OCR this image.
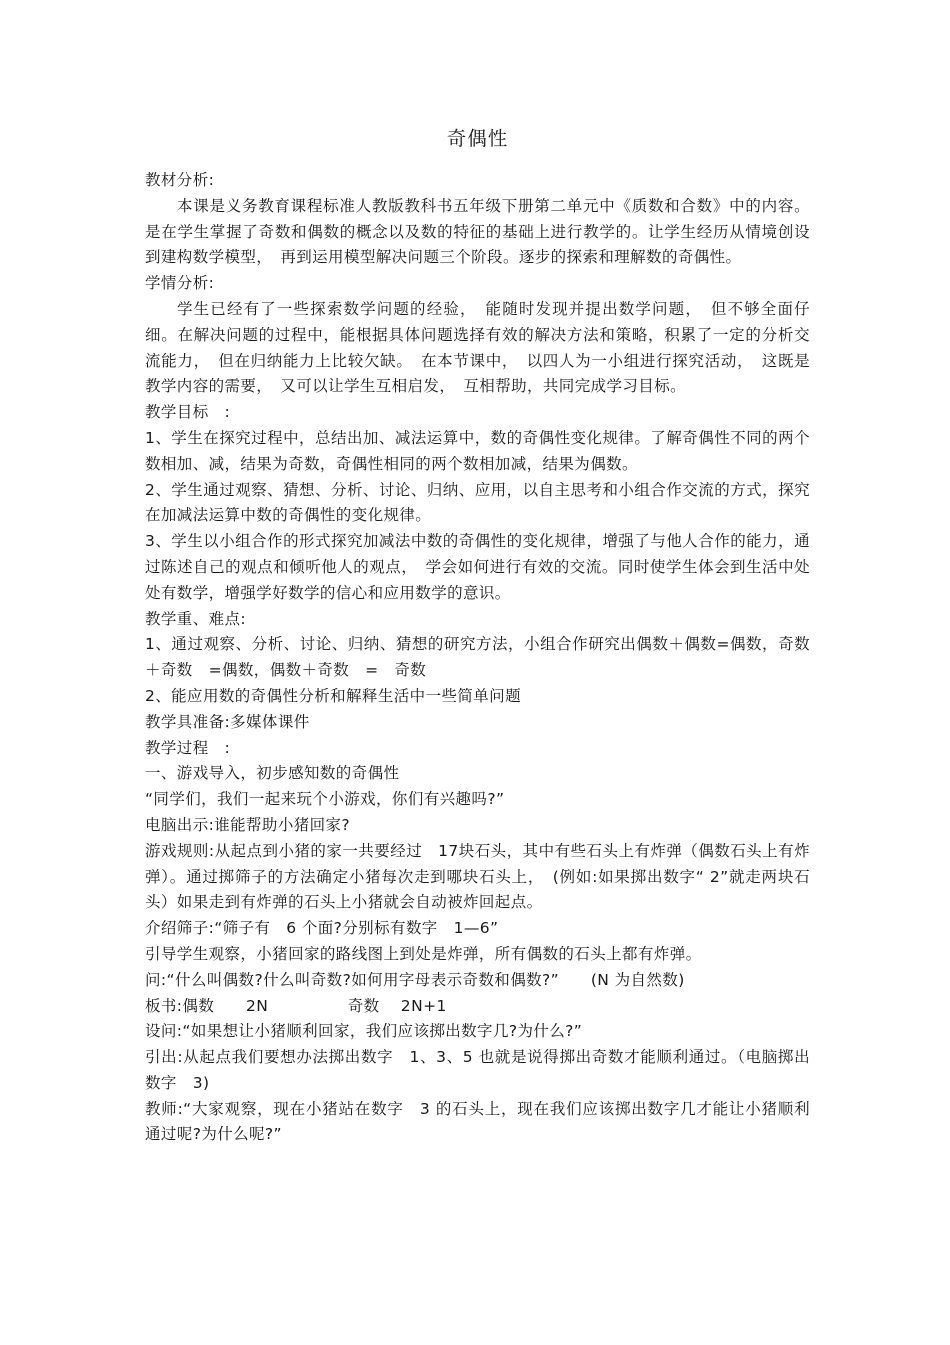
奇偶性

教材分析:

本课是义务教育课程标准人教版教科书五年级下册第二单元中《质数和合数》中的内容。是在学生掌握了奇数和偶数的概念以及数的特征的基础上进行教学的。让学生经历从情境创设到建构数学模型，　再到运用模型解决问题三个阶段。逐步的探索和理解数的奇偶性。

学情分析:

学生已经有了一些探索数学问题的经验，　能随时发现并提出数学问题，　但不够全面仔细。在解决问题的过程中，能根据具体问题选择有效的解决方法和策略，积累了一定的分析交流能力，　但在归纳能力上比较欠缺。　在本节课中，　以四人为一小组进行探究活动，　这既是教学内容的需要，　又可以让学生互相启发，　互相帮助，共同完成学习目标。

教学目标　:

1、学生在探究过程中，总结出加、减法运算中，数的奇偶性变化规律。了解奇偶性不同的两个数相加、减，结果为奇数，奇偶性相同的两个数相加减，结果为偶数。

2、学生通过观察、猜想、分析、讨论、归纳、应用，以自主思考和小组合作交流的方式，探究在加减法运算中数的奇偶性的变化规律。

3、学生以小组合作的形式探究加减法中数的奇偶性的变化规律，增强了与他人合作的能力，通过陈述自己的观点和倾听他人的观点，　学会如何进行有效的交流。同时使学生体会到生活中处处有数学，增强学好数学的信心和应用数学的意识。

教学重、难点:

1、通过观察、分析、讨论、归纳、猜想的研究方法，小组合作研究出偶数＋偶数=偶数，奇数＋奇数　=偶数，偶数＋奇数　=　奇数

2、能应用数的奇偶性分析和解释生活中一些简单问题

教学具准备:多媒体课件

教学过程　:

一、游戏导入，初步感知数的奇偶性

“同学们，我们一起来玩个小游戏，你们有兴趣吗?”

电脑出示:谁能帮助小猪回家?

游戏规则:从起点到小猪的家一共要经过　17块石头，其中有些石头上有炸弹（偶数石头上有炸弹）。通过掷筛子的方法确定小猪每次走到哪块石头上，　(例如:如果掷出数字“ 2”就走两块石头）如果走到有炸弹的石头上小猪就会自动被炸回起点。

介绍筛子:“筛子有　6 个面?分别标有数字　1—6”

引导学生观察，小猪回家的路线图上到处是炸弹，所有偶数的石头上都有炸弹。

问:“什么叫偶数?什么叫奇数?如何用字母表示奇数和偶数?”　　(N 为自然数)

板书:偶数　　2N　　　　　奇数　 2N+1

设问:“如果想让小猪顺利回家，我们应该掷出数字几?为什么?”

引出:从起点我们要想办法掷出数字　1、3、5 也就是说得掷出奇数才能顺利通过。（电脑掷出数字　3)

教师:“大家观察，现在小猪站在数字　3 的石头上，现在我们应该掷出数字几才能让小猪顺利通过呢?为什么呢?”
